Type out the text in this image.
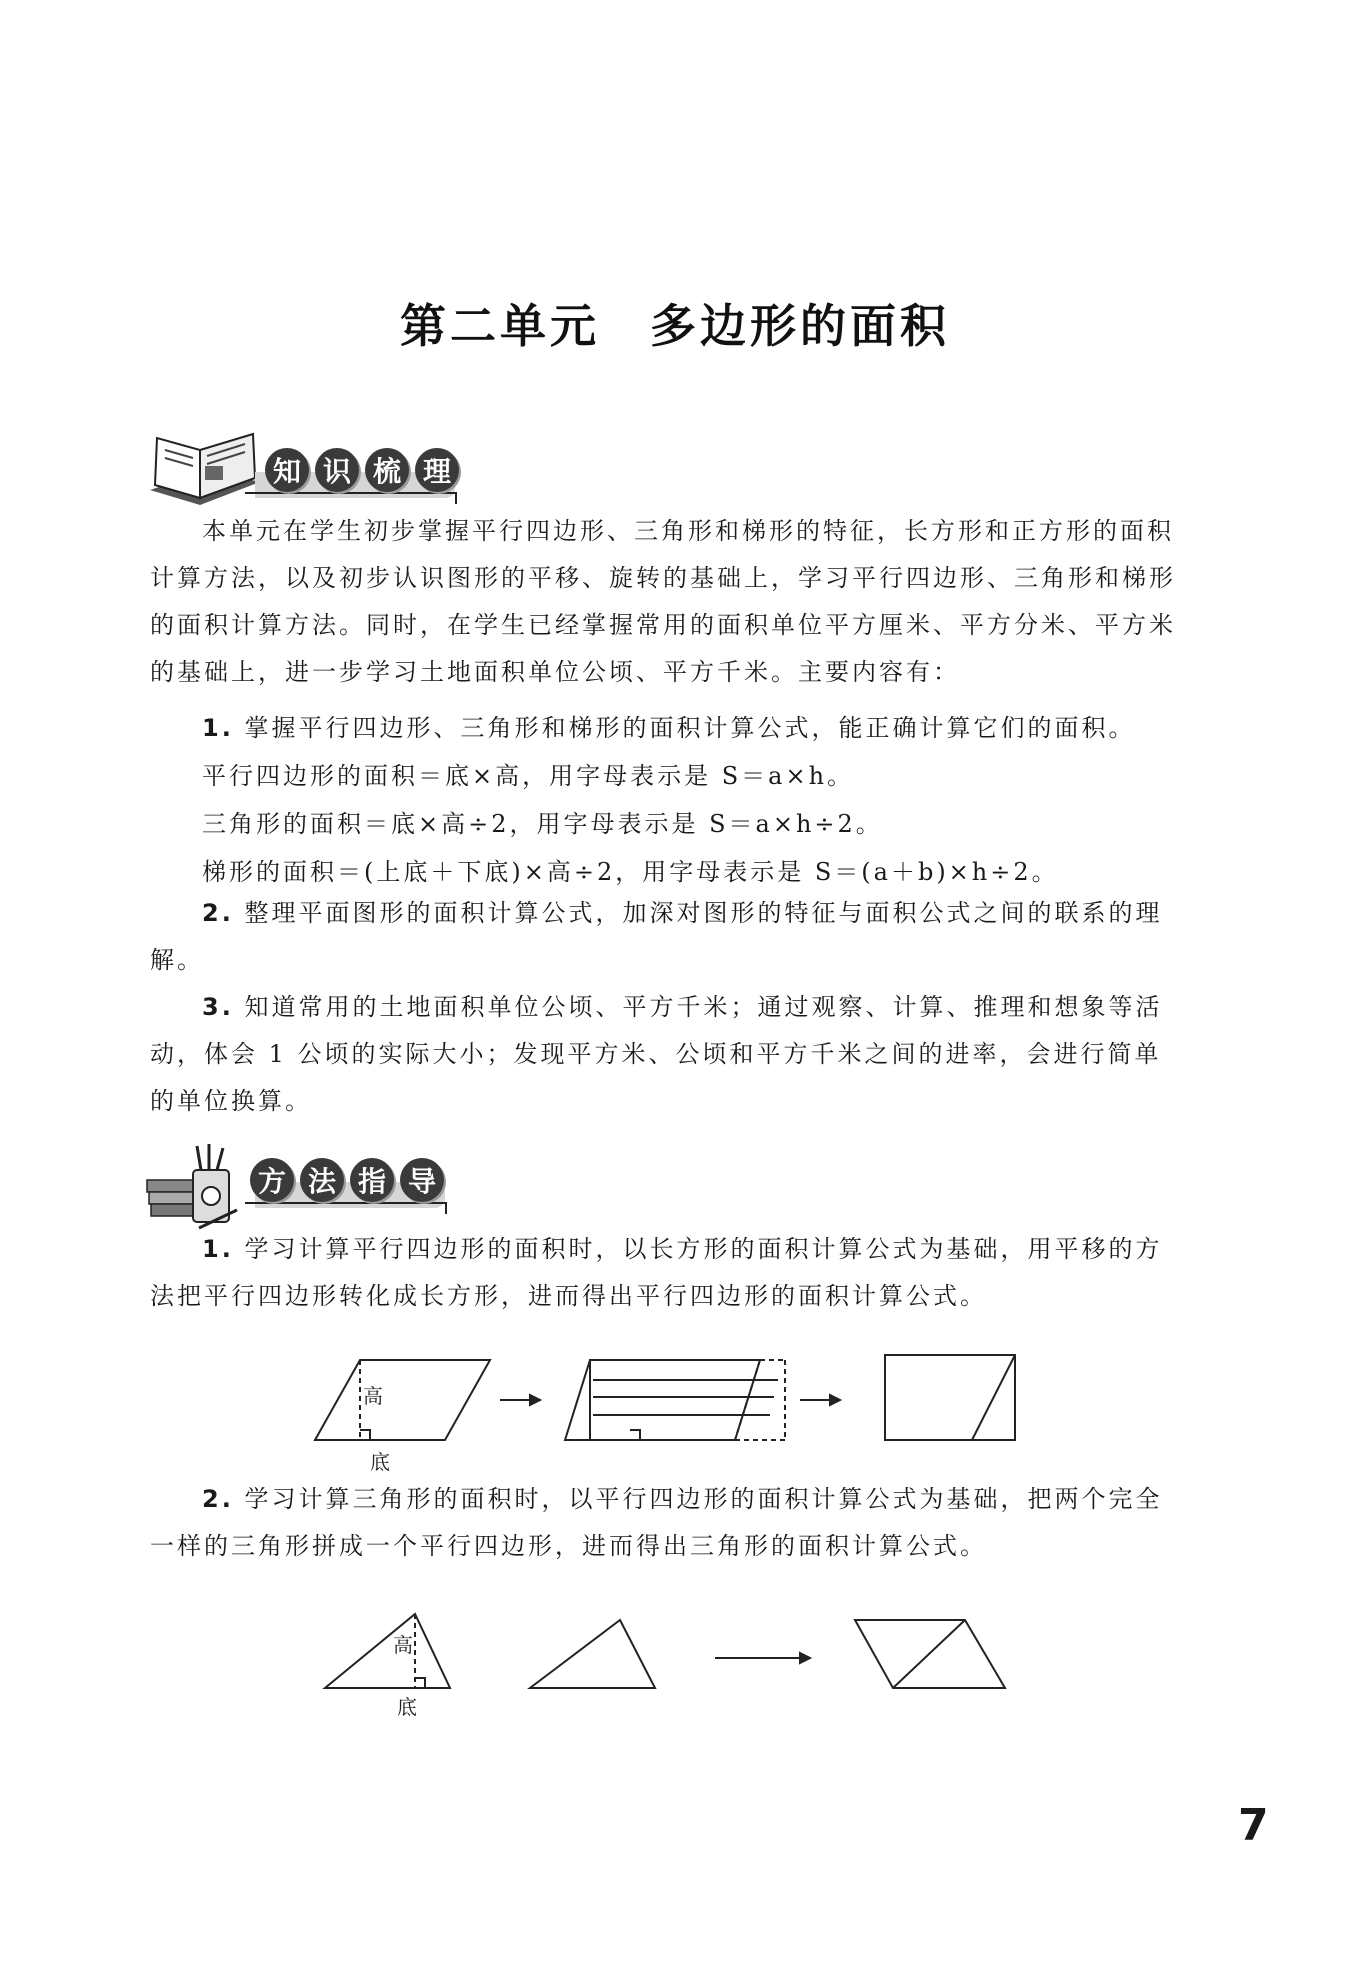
第二单元 多边形的面积
知 识 梳 理
本单元在学生初步掌握平行四边形、三角形和梯形的特征，长方形和正方形的面积计算方法，以及初步认识图形的平移、旋转的基础上，学习平行四边形、三角形和梯形的面积计算方法。同时，在学生已经掌握常用的面积单位平方厘米、平方分米、平方米的基础上，进一步学习土地面积单位公顷、平方千米。主要内容有：
1. 掌握平行四边形、三角形和梯形的面积计算公式，能正确计算它们的面积。
平行四边形的面积＝底×高，用字母表示是 S＝a×h。
三角形的面积＝底×高÷2，用字母表示是 S＝a×h÷2。
梯形的面积＝(上底＋下底)×高÷2，用字母表示是 S＝(a＋b)×h÷2。
2. 整理平面图形的面积计算公式，加深对图形的特征与面积公式之间的联系的理解。
3. 知道常用的土地面积单位公顷、平方千米；通过观察、计算、推理和想象等活动，体会 1 公顷的实际大小；发现平方米、公顷和平方千米之间的进率，会进行简单的单位换算。
方 法 指 导
1. 学习计算平行四边形的面积时，以长方形的面积计算公式为基础，用平移的方法把平行四边形转化成长方形，进而得出平行四边形的面积计算公式。
高
底
2. 学习计算三角形的面积时，以平行四边形的面积计算公式为基础，把两个完全一样的三角形拼成一个平行四边形，进而得出三角形的面积计算公式。
高
底
7
